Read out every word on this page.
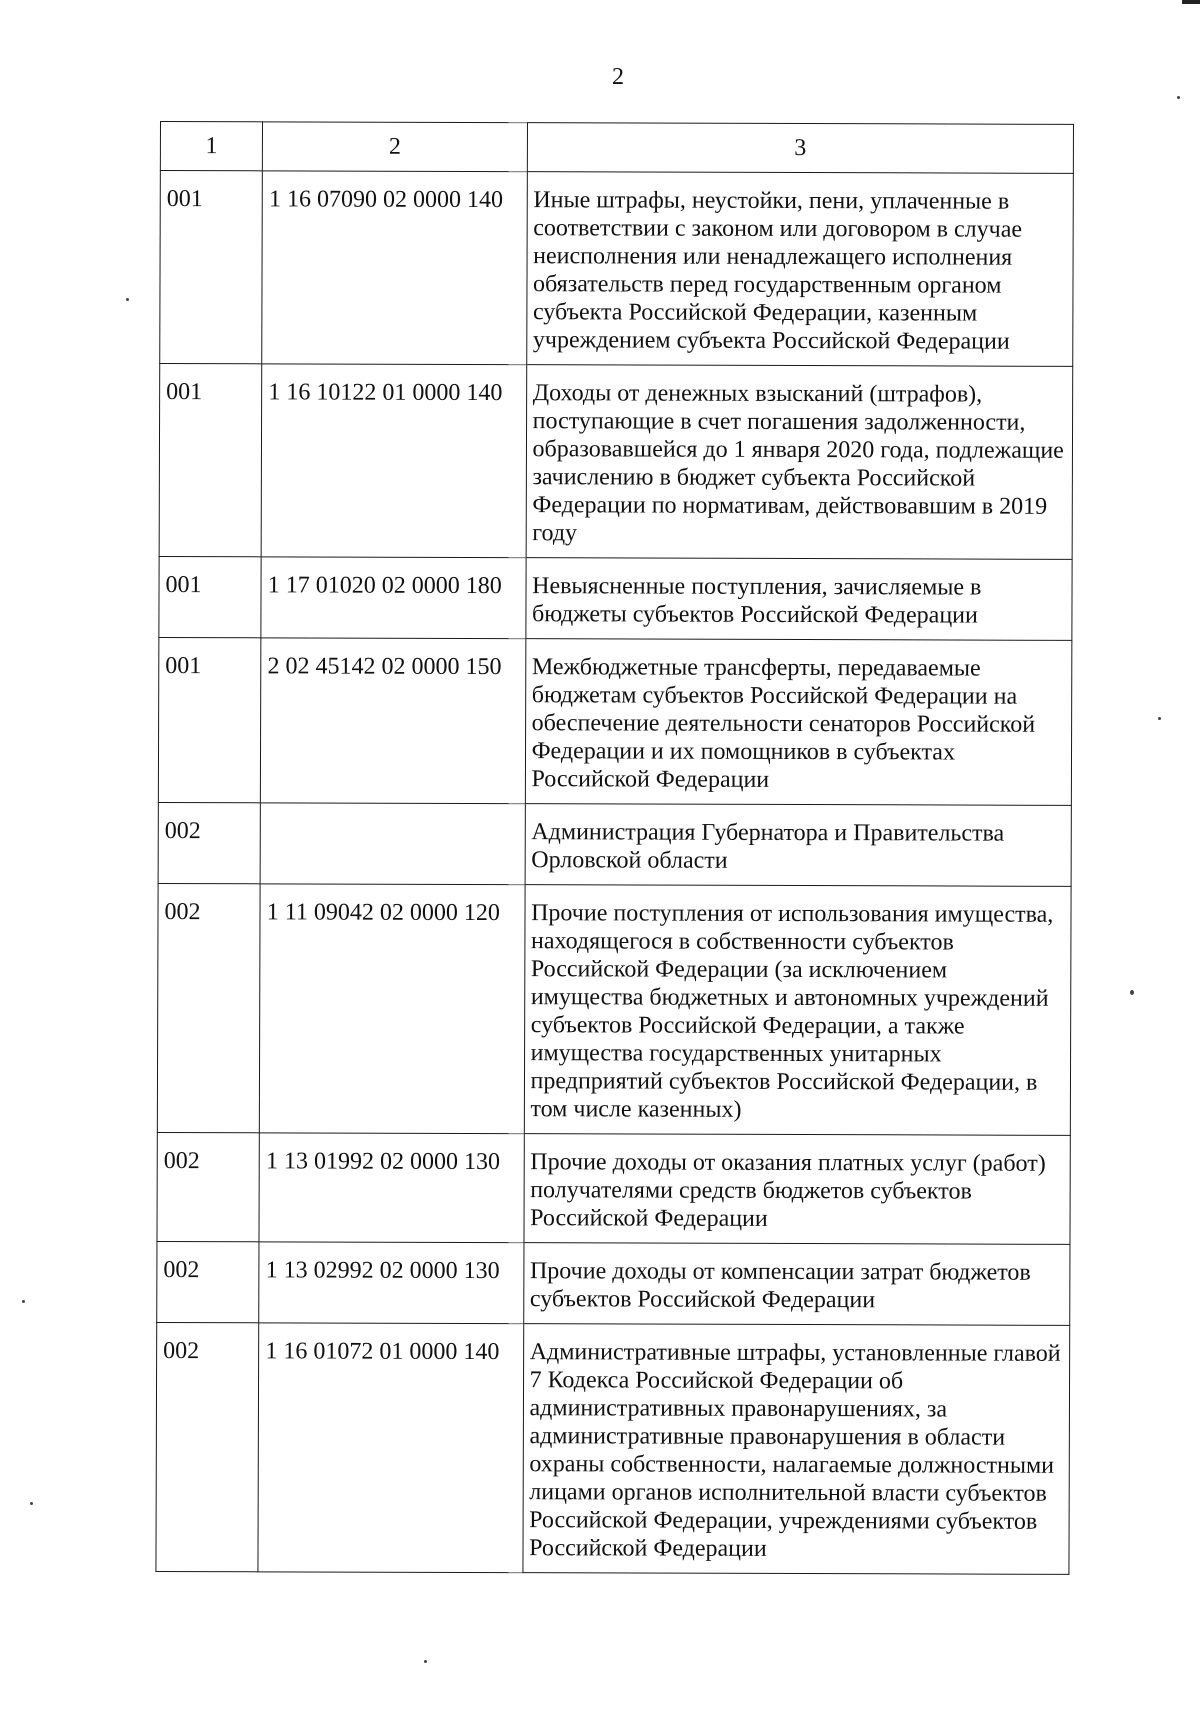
2
1	2	3
001	1 16 07090 02 0000 140	Иные штрафы, неустойки, пени, уплаченные в соответствии с законом или договором в случае неисполнения или ненадлежащего исполнения обязательств перед государственным органом субъекта Российской Федерации, казенным учреждением субъекта Российской Федерации
001	1 16 10122 01 0000 140	Доходы от денежных взысканий (штрафов), поступающие в счет погашения задолженности, образовавшейся до 1 января 2020 года, подлежащие зачислению в бюджет субъекта Российской Федерации по нормативам, действовавшим в 2019 году
001	1 17 01020 02 0000 180	Невыясненные поступления, зачисляемые в бюджеты субъектов Российской Федерации
001	2 02 45142 02 0000 150	Межбюджетные трансферты, передаваемые бюджетам субъектов Российской Федерации на обеспечение деятельности сенаторов Российской Федерации и их помощников в субъектах Российской Федерации
002		Администрация Губернатора и Правительства Орловской области
002	1 11 09042 02 0000 120	Прочие поступления от использования имущества, находящегося в собственности субъектов Российской Федерации (за исключением имущества бюджетных и автономных учреждений субъектов Российской Федерации, а также имущества государственных унитарных предприятий субъектов Российской Федерации, в том числе казенных)
002	1 13 01992 02 0000 130	Прочие доходы от оказания платных услуг (работ) получателями средств бюджетов субъектов Российской Федерации
002	1 13 02992 02 0000 130	Прочие доходы от компенсации затрат бюджетов субъектов Российской Федерации
002	1 16 01072 01 0000 140	Административные штрафы, установленные главой 7 Кодекса Российской Федерации об административных правонарушениях, за административные правонарушения в области охраны собственности, налагаемые должностными лицами органов исполнительной власти субъектов Российской Федерации, учреждениями субъектов Российской Федерации
